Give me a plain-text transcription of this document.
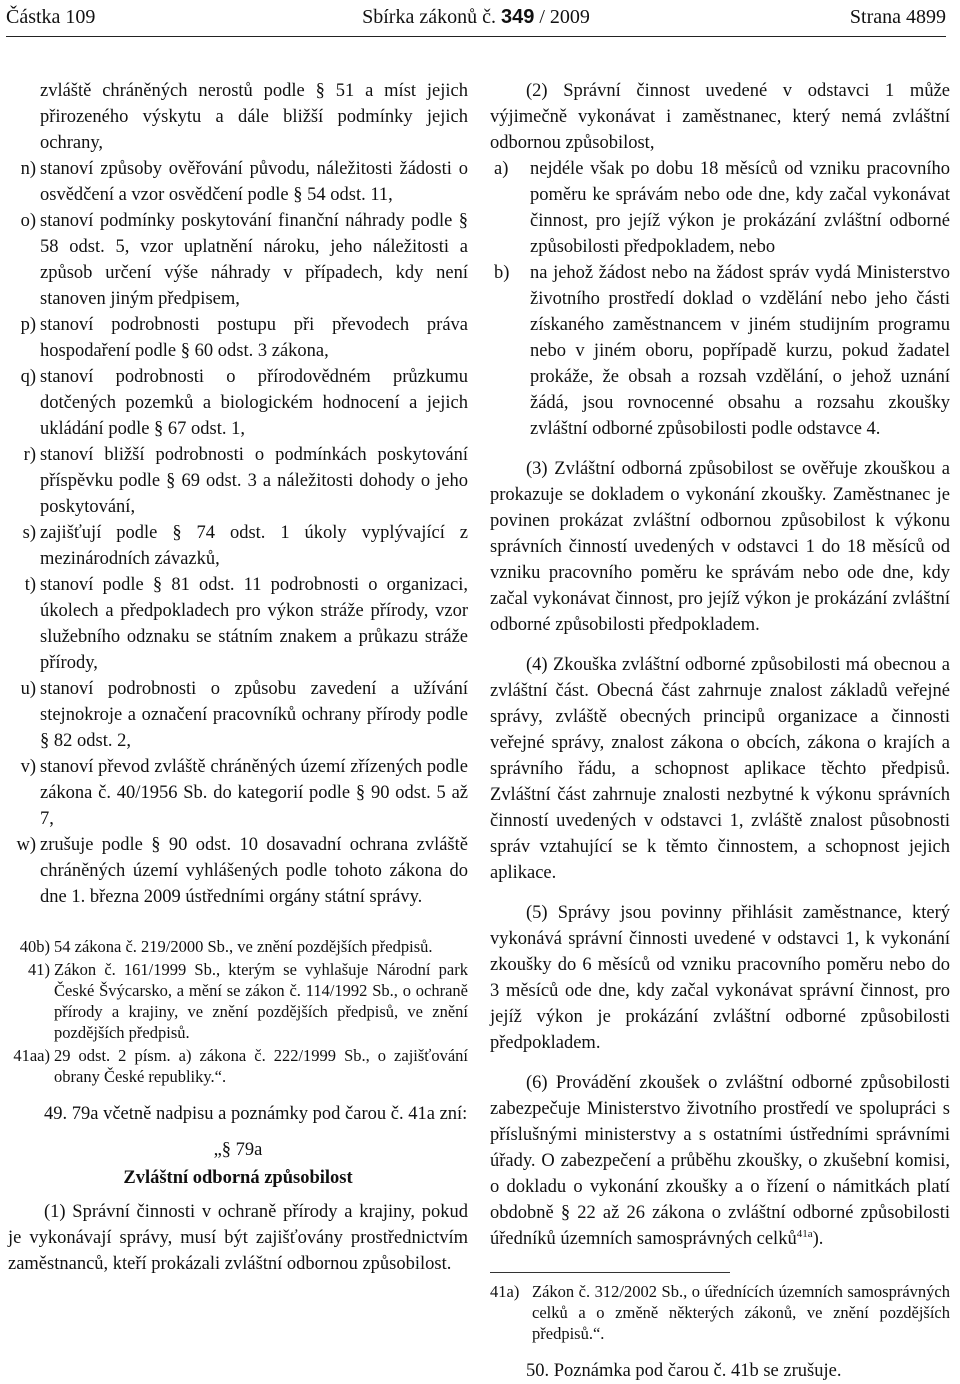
Částka 109	Sbírka zákonů č. 349 / 2009	Strana 4899
zvláště chráněných nerostů podle § 51 a míst jejich přirozeného výskytu a dále bližší podmínky jejich ochrany,
n) stanoví způsoby ověřování původu, náležitosti žádosti o osvědčení a vzor osvědčení podle § 54 odst. 11,
o) stanoví podmínky poskytování finanční náhrady podle § 58 odst. 5, vzor uplatnění nároku, jeho náležitosti a způsob určení výše náhrady v případech, kdy není stanoven jiným předpisem,
p) stanoví podrobnosti postupu při převodech práva hospodaření podle § 60 odst. 3 zákona,
q) stanoví podrobnosti o přírodovědném průzkumu dotčených pozemků a biologickém hodnocení a jejich ukládání podle § 67 odst. 1,
r) stanoví bližší podrobnosti o podmínkách poskytování příspěvku podle § 69 odst. 3 a náležitosti dohody o jeho poskytování,
s) zajišťují podle § 74 odst. 1 úkoly vyplývající z mezinárodních závazků,
t) stanoví podle § 81 odst. 11 podrobnosti o organizaci, úkolech a předpokladech pro výkon stráže přírody, vzor služebního odznaku se státním znakem a průkazu stráže přírody,
u) stanoví podrobnosti o způsobu zavedení a užívání stejnokroje a označení pracovníků ochrany přírody podle § 82 odst. 2,
v) stanoví převod zvláště chráněných území zřízených podle zákona č. 40/1956 Sb. do kategorií podle § 90 odst. 5 až 7,
w) zrušuje podle § 90 odst. 10 dosavadní ochrana zvláště chráněných území vyhlášených podle tohoto zákona do dne 1. března 2009 ústředními orgány státní správy.
40b) 54 zákona č. 219/2000 Sb., ve znění pozdějších předpisů.
41) Zákon č. 161/1999 Sb., kterým se vyhlašuje Národní park České Švýcarsko, a mění se zákon č. 114/1992 Sb., o ochraně přírody a krajiny, ve znění pozdějších předpisů, ve znění pozdějších předpisů.
41aa) 29 odst. 2 písm. a) zákona č. 222/1999 Sb., o zajišťování obrany České republiky.“.
49. 79a včetně nadpisu a poznámky pod čarou č. 41a zní:
„§ 79a
Zvláštní odborná způsobilost
(1) Správní činnosti v ochraně přírody a krajiny, pokud je vykonávají správy, musí být zajišťovány prostřednictvím zaměstnanců, kteří prokázali zvláštní odbornou způsobilost.
(2) Správní činnost uvedené v odstavci 1 může výjimečně vykonávat i zaměstnanec, který nemá zvláštní odbornou způsobilost,
a) nejdéle však po dobu 18 měsíců od vzniku pracovního poměru ke správám nebo ode dne, kdy začal vykonávat činnost, pro jejíž výkon je prokázání zvláštní odborné způsobilosti předpokladem, nebo
b) na jehož žádost nebo na žádost správ vydá Ministerstvo životního prostředí doklad o vzdělání nebo jeho části získaného zaměstnancem v jiném studijním programu nebo v jiném oboru, popřípadě kurzu, pokud žadatel prokáže, že obsah a rozsah vzdělání, o jehož uznání žádá, jsou rovnocenné obsahu a rozsahu zkoušky zvláštní odborné způsobilosti podle odstavce 4.
(3) Zvláštní odborná způsobilost se ověřuje zkouškou a prokazuje se dokladem o vykonání zkoušky. Zaměstnanec je povinen prokázat zvláštní odbornou způsobilost k výkonu správních činností uvedených v odstavci 1 do 18 měsíců od vzniku pracovního poměru ke správám nebo ode dne, kdy začal vykonávat činnost, pro jejíž výkon je prokázání zvláštní odborné způsobilosti předpokladem.
(4) Zkouška zvláštní odborné způsobilosti má obecnou a zvláštní část. Obecná část zahrnuje znalost základů veřejné správy, zvláště obecných principů organizace a činnosti veřejné správy, znalost zákona o obcích, zákona o krajích a správního řádu, a schopnost aplikace těchto předpisů. Zvláštní část zahrnuje znalosti nezbytné k výkonu správních činností uvedených v odstavci 1, zvláště znalost působnosti správ vztahující se k těmto činnostem, a schopnost jejich aplikace.
(5) Správy jsou povinny přihlásit zaměstnance, který vykonává správní činnosti uvedené v odstavci 1, k vykonání zkoušky do 6 měsíců od vzniku pracovního poměru nebo do 3 měsíců ode dne, kdy začal vykonávat správní činnost, pro jejíž výkon je prokázání zvláštní odborné způsobilosti předpokladem.
(6) Provádění zkoušek o zvláštní odborné způsobilosti zabezpečuje Ministerstvo životního prostředí ve spolupráci s příslušnými ministerstvy a s ostatními ústředními správními úřady. O zabezpečení a průběhu zkoušky, o zkušební komisi, o dokladu o vykonání zkoušky a o řízení o námitkách platí obdobně § 22 až 26 zákona o zvláštní odborné způsobilosti úředníků územních samosprávných celků$^{41a}$).
41a) Zákon č. 312/2002 Sb., o úřednících územních samosprávných celků a o změně některých zákonů, ve znění pozdějších předpisů.“.
50. Poznámka pod čarou č. 41b se zrušuje.
